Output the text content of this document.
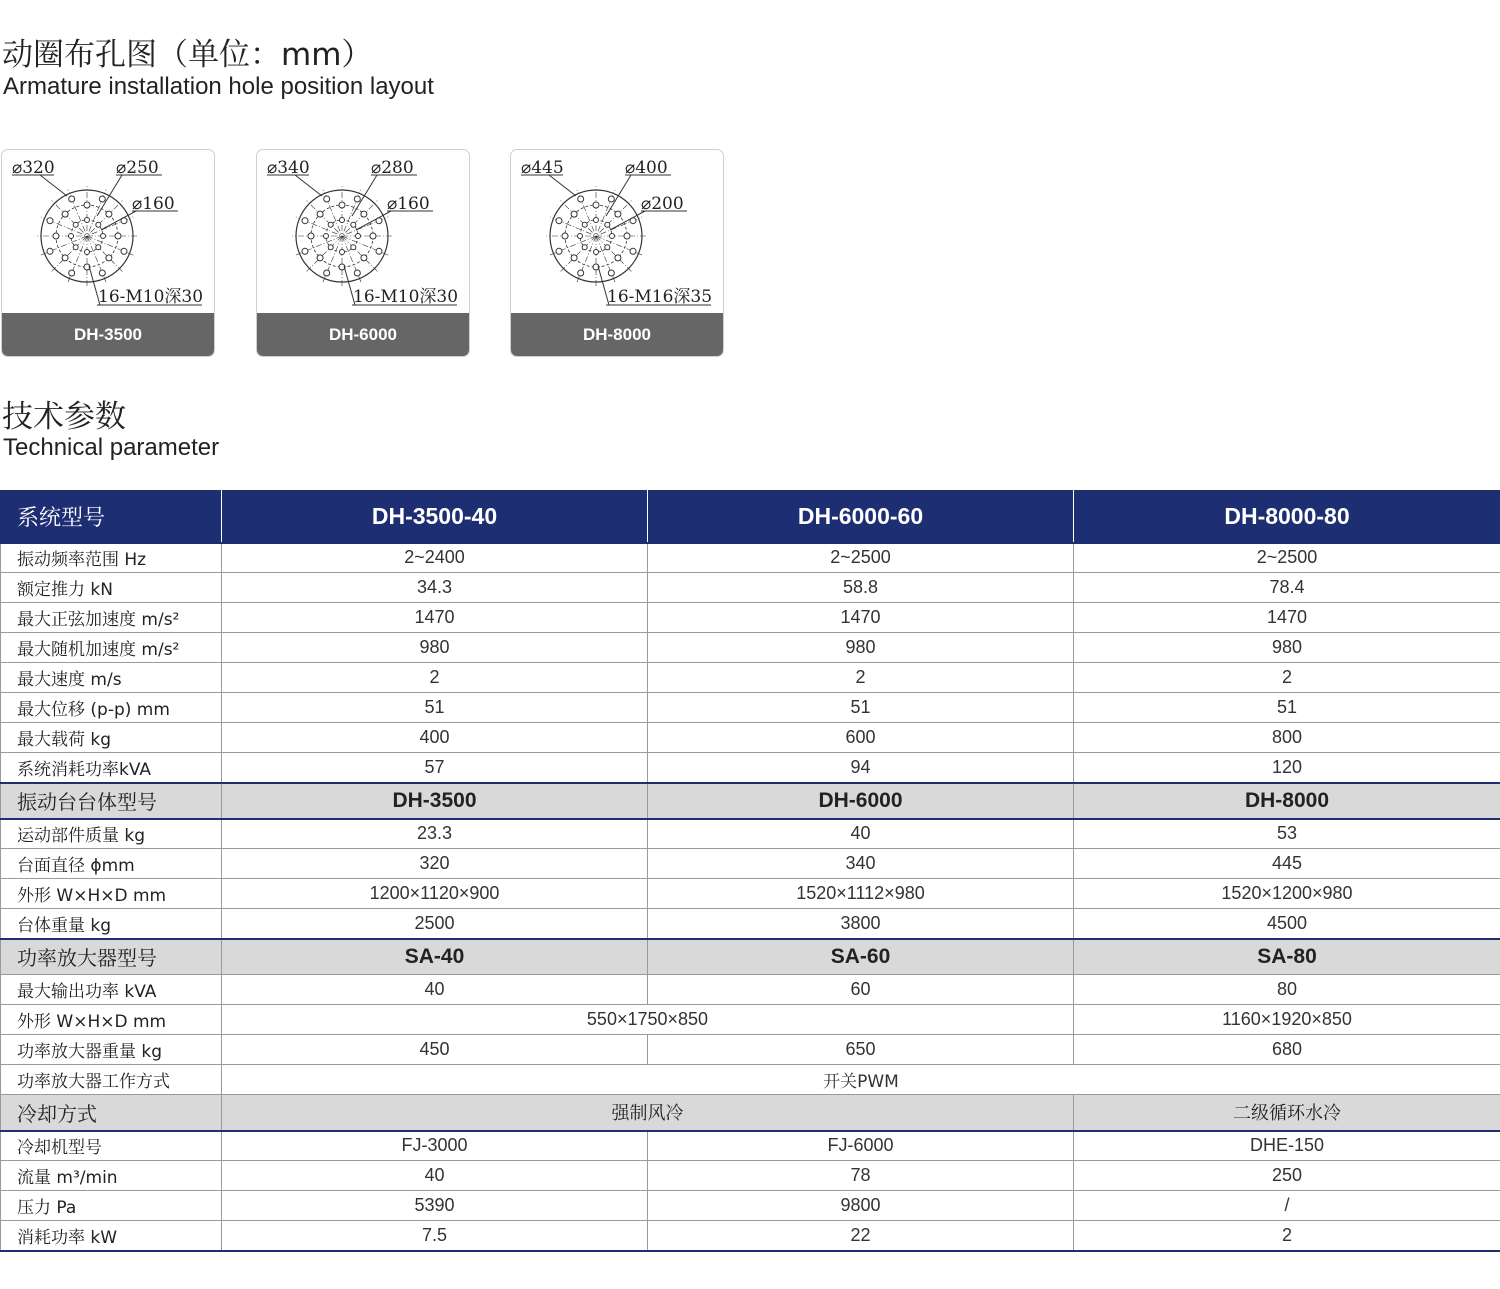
动圈布孔图（单位：mm）
Armature installation hole position layout
⌀320	⌀250
⌀160
16-M10深30
DH-3500
⌀340	⌀280
⌀160
16-M10深30
DH-6000
⌀445	⌀400
⌀200
16-M16深35
DH-8000
技术参数
Technical parameter
系统型号	DH-3500-40	DH-6000-60	DH-8000-80
振动频率范围 Hz	2~2400	2~2500	2~2500
额定推力 kN	34.3	58.8	78.4
最大正弦加速度 m/s²	1470	1470	1470
最大随机加速度 m/s²	980	980	980
最大速度 m/s	2	2	2
最大位移 (p-p) mm	51	51	51
最大载荷 kg	400	600	800
系统消耗功率kVA	57	94	120
振动台台体型号	DH-3500	DH-6000	DH-8000
运动部件质量 kg	23.3	40	53
台面直径 ϕmm	320	340	445
外形 W×H×D mm	1200×1120×900	1520×1112×980	1520×1200×980
台体重量 kg	2500	3800	4500
功率放大器型号	SA-40	SA-60	SA-80
最大输出功率 kVA	40	60	80
外形 W×H×D mm	550×1750×850		1160×1920×850
功率放大器重量 kg	450	650	680
功率放大器工作方式	开关PWM		
冷却方式	强制风冷		二级循环水冷
冷却机型号	FJ-3000	FJ-6000	DHE-150
流量 m³/min	40	78	250
压力 Pa	5390	9800	/
消耗功率 kW	7.5	22	2
